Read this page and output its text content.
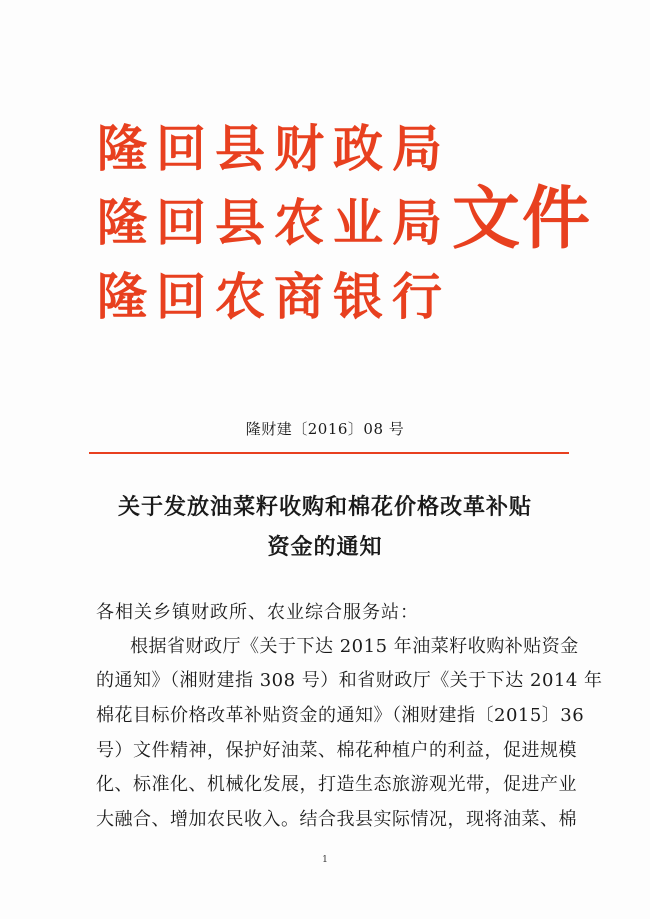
隆回县财政局
隆回县农业局
隆回农商银行
文件
隆财建〔2016〕08 号
关于发放油菜籽收购和棉花价格改革补贴
资金的通知
各相关乡镇财政所、农业综合服务站：
根据省财政厅《关于下达 2015 年油菜籽收购补贴资金
的通知》（湘财建指 308 号）和省财政厅《关于下达 2014 年
棉花目标价格改革补贴资金的通知》（湘财建指〔2015〕36
号）文件精神，保护好油菜、棉花种植户的利益，促进规模
化、标准化、机械化发展，打造生态旅游观光带，促进产业
大融合、增加农民收入。结合我县实际情况，现将油菜、棉
1
